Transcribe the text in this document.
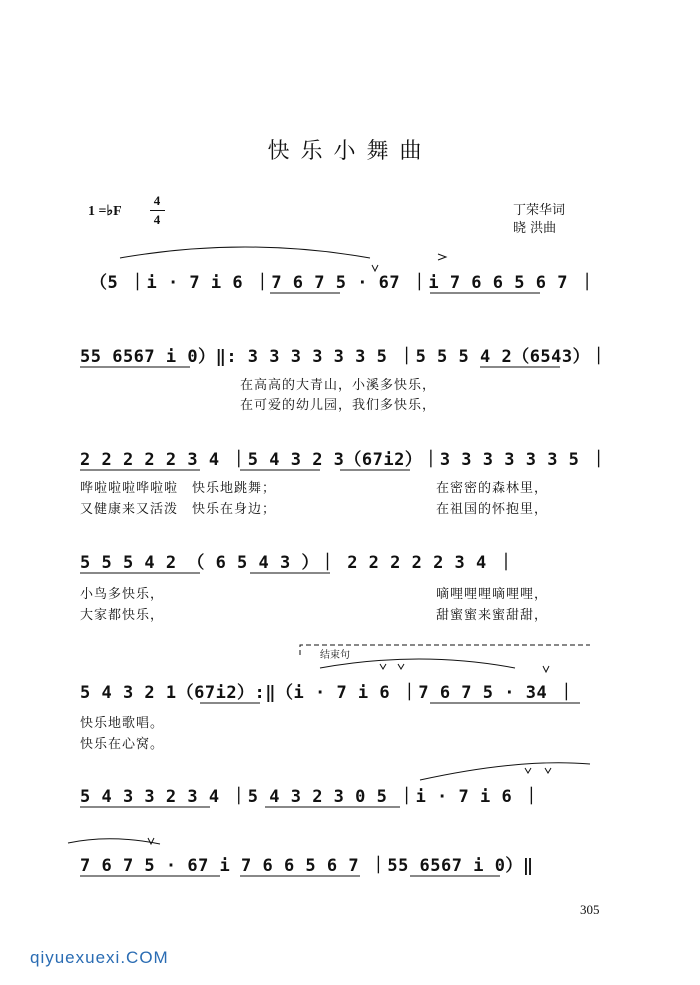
快乐小舞曲
1 =♭F
4
4
丁荣华词
晓 洪曲
（5 ｜i · 7 i 6 ｜7 6 7 5 · 67 ｜i 7 6 6 5 6 7 ｜
55 6567 i 0）‖: 3 3 3 3 3 3 5 ｜5 5 5 4 2（6543）｜
在高高的大青山，小溪多快乐，
在可爱的幼儿园，我们多快乐，
2 2 2 2 2 3 4 ｜5 4 3 2 3（67i2）｜3 3 3 3 3 3 5 ｜
哗啦啦啦哗啦啦　快乐地跳舞；
又健康来又活泼　快乐在身边；
在密密的森林里，
在祖国的怀抱里，
5 5 5 4 2 （ 6 5 4 3 ）｜ 2 2 2 2 2 3 4 ｜
小鸟多快乐，
大家都快乐，
嘀哩哩哩嘀哩哩，
甜蜜蜜来蜜甜甜，
结束句
5 4 3 2 1（67i2）:‖（i · 7 i 6 ｜7 6 7 5 · 34 ｜
快乐地歌唱。
快乐在心窝。
5 4 3 3 2 3 4 ｜5 4 3 2 3 0 5 ｜i · 7 i 6 ｜
7 6 7 5 · 67 i 7 6 6 5 6 7 ｜55 6567 i 0）‖
305
qiyuexuexi.COM
